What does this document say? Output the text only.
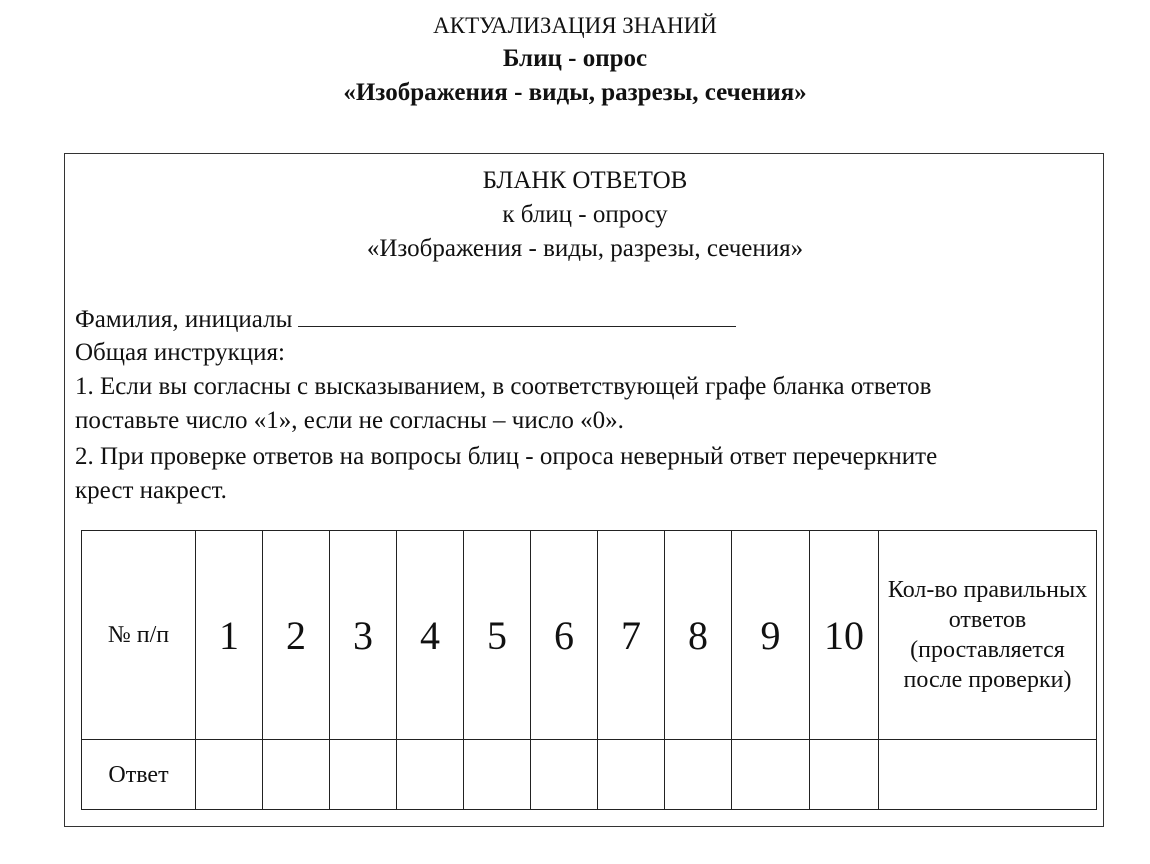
АКТУАЛИЗАЦИЯ ЗНАНИЙ
Блиц - опрос
«Изображения - виды, разрезы, сечения»
БЛАНК ОТВЕТОВ
к блиц - опросу
«Изображения - виды, разрезы, сечения»
Фамилия, инициалы
Общая инструкция:
1. Если вы согласны с высказыванием, в соответствующей графе бланка ответов
поставьте число «1», если не согласны – число «0».
2. При проверке ответов на вопросы блиц - опроса неверный ответ перечеркните
крест накрест.
№ п/п	1	2	3	4	5	6	7	8	9	10	Кол-во правильных ответов (проставляется после проверки)
Ответ											
